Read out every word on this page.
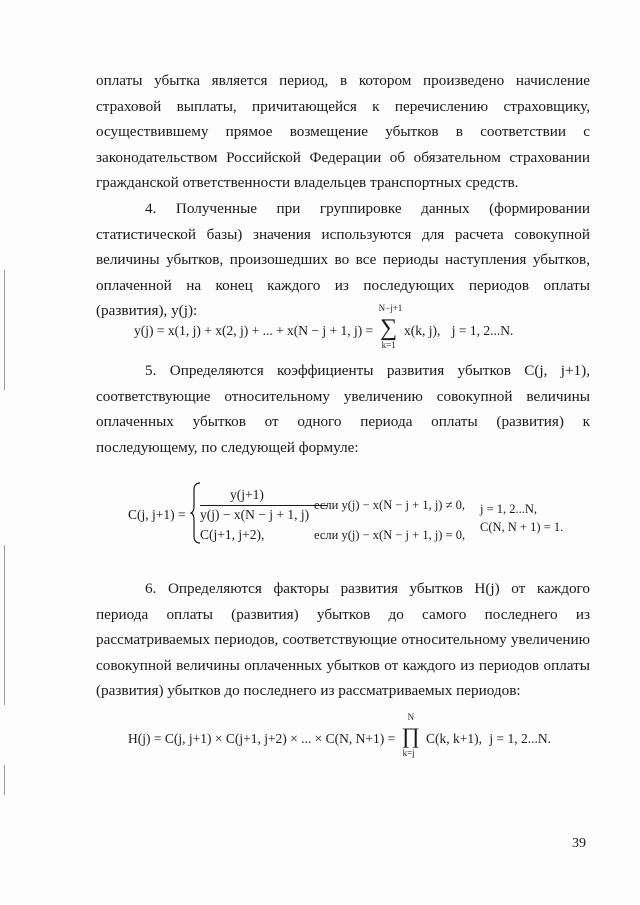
оплаты убытка является период, в котором произведено начисление страховой выплаты, причитающейся к перечислению страховщику, осуществившему прямое возмещение убытков в соответствии с законодательством Российской Федерации об обязательном страховании гражданской ответственности владельцев транспортных средств.

4. Полученные при группировке данных (формировании статистической базы) значения используются для расчета совокупной величины убытков, произошедших во все периоды наступления убытков, оплаченной на конец каждого из последующих периодов оплаты (развития), y(j):

y(j) = x(1, j) + x(2, j) + ... + x(N − j + 1, j) =
N−j+1
∑
k=1
x(k, j), j = 1, 2...N.

5. Определяются коэффициенты развития убытков C(j, j+1), соответствующие относительному увеличению совокупной величины оплаченных убытков от одного периода оплаты (развития) к последующему, по следующей формуле:

C(j, j+1) =
y(j+1)
y(j) − x(N − j + 1, j)
если y(j) − x(N − j + 1, j) ≠ 0,
C(j+1, j+2),	если y(j) − x(N − j + 1, j) = 0,
j = 1, 2...N,
C(N, N + 1) = 1.

6. Определяются факторы развития убытков H(j) от каждого периода оплаты (развития) убытков до самого последнего из рассматриваемых периодов, соответствующие относительному увеличению совокупной величины оплаченных убытков от каждого из периодов оплаты (развития) убытков до последнего из рассматриваемых периодов:

H(j) = C(j, j+1) × C(j+1, j+2) × ... × C(N, N+1) =
N
∏
k=j
C(k, k+1), j = 1, 2...N.
39
